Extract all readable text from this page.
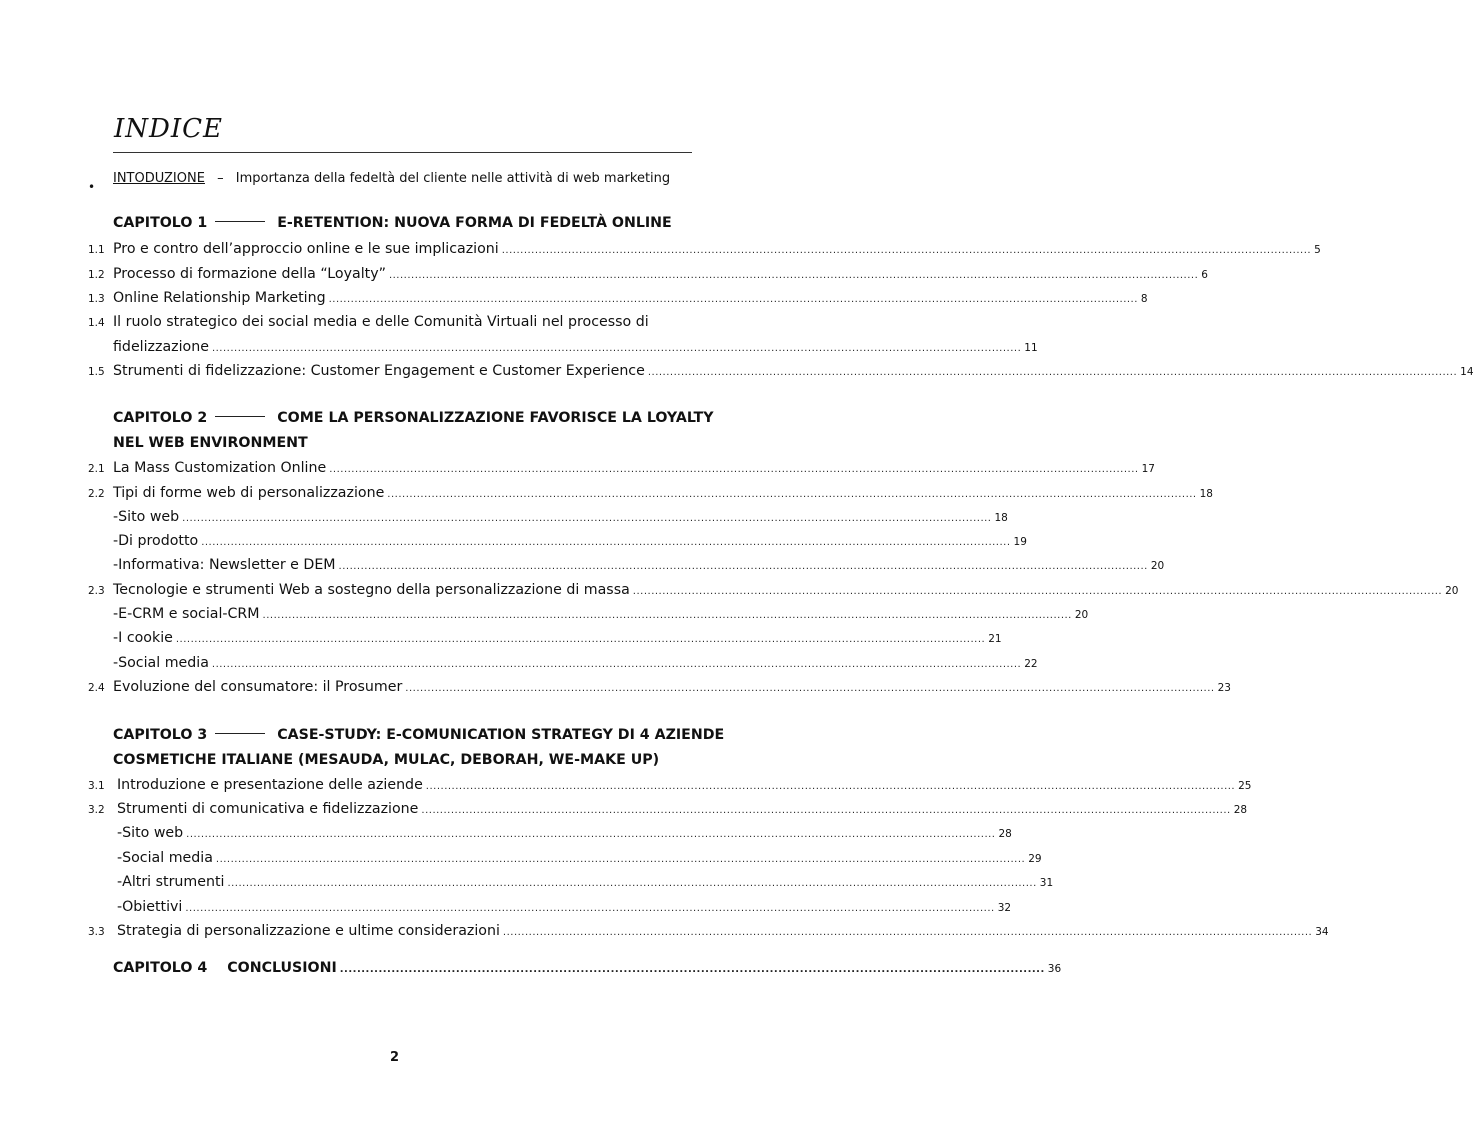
INDICE
•
INTODUZIONE – Importanza della fedeltà del cliente nelle attività di web marketing
CAPITOLO 1	E-RETENTION: NUOVA FORMA DI FEDELTÀ ONLINE
CAPITOLO 2	COME LA PERSONALIZZAZIONE FAVORISCE LA LOYALTY
NEL WEB ENVIRONMENT
CAPITOLO 3	CASE-STUDY: E-COMUNICATION STRATEGY DI 4 AZIENDE
COSMETICHE ITALIANE (MESAUDA, MULAC, DEBORAH, WE-MAKE UP)
CAPITOLO 4 CONCLUSIONI .................................................................................................................................................................... 36
2
1.1 Pro e contro dell’approccio online e le sue implicazioni ............................................................................................................................................................................................................................ 5
1.2 Processo di formazione della “Loyalty” ............................................................................................................................................................................................................................ 6
1.3 Online Relationship Marketing ............................................................................................................................................................................................................................ 8
1.4 Il ruolo strategico dei social media e delle Comunità Virtuali nel processo di
fidelizzazione ............................................................................................................................................................................................................................ 11
1.5 Strumenti di fidelizzazione: Customer Engagement e Customer Experience ............................................................................................................................................................................................................................ 14
2.1 La Mass Customization Online ............................................................................................................................................................................................................................ 17
2.2 Tipi di forme web di personalizzazione ............................................................................................................................................................................................................................ 18
- Sito web ............................................................................................................................................................................................................................ 18
- Di prodotto ............................................................................................................................................................................................................................ 19
- Informativa: Newsletter e DEM ............................................................................................................................................................................................................................ 20
2.3 Tecnologie e strumenti Web a sostegno della personalizzazione di massa ............................................................................................................................................................................................................................ 20
- E-CRM e social-CRM ............................................................................................................................................................................................................................ 20
- I cookie ............................................................................................................................................................................................................................ 21
- Social media ............................................................................................................................................................................................................................ 22
2.4 Evoluzione del consumatore: il Prosumer ............................................................................................................................................................................................................................ 23
3.1 Introduzione e presentazione delle aziende ............................................................................................................................................................................................................................ 25
3.2 Strumenti di comunicativa e fidelizzazione ............................................................................................................................................................................................................................ 28
- Sito web ............................................................................................................................................................................................................................ 28
- Social media ............................................................................................................................................................................................................................ 29
- Altri strumenti ............................................................................................................................................................................................................................ 31
- Obiettivi ............................................................................................................................................................................................................................ 32
3.3 Strategia di personalizzazione e ultime considerazioni ............................................................................................................................................................................................................................ 34
